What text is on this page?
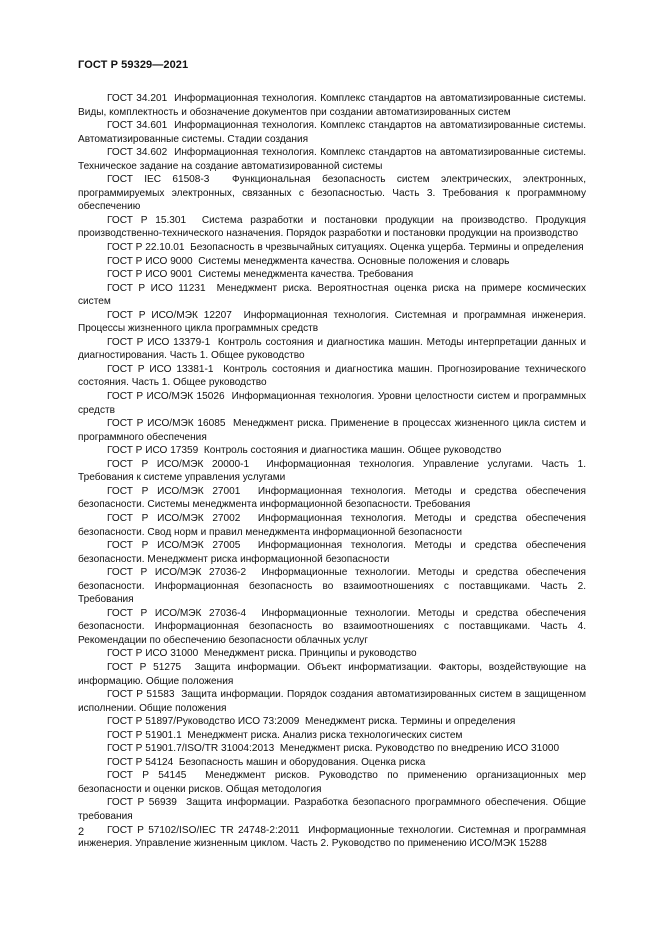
ГОСТ Р 59329—2021

ГОСТ 34.201 Информационная технология. Комплекс стандартов на автоматизированные системы. Виды, комплектность и обозначение документов при создании автоматизированных систем

ГОСТ 34.601 Информационная технология. Комплекс стандартов на автоматизированные системы. Автоматизированные системы. Стадии создания

ГОСТ 34.602 Информационная технология. Комплекс стандартов на автоматизированные системы. Техническое задание на создание автоматизированной системы

ГОСТ IEC 61508-3 Функциональная безопасность систем электрических, электронных, программируемых электронных, связанных с безопасностью. Часть 3. Требования к программному обеспечению

ГОСТ Р 15.301 Система разработки и постановки продукции на производство. Продукция производственно-технического назначения. Порядок разработки и постановки продукции на производство

ГОСТ Р 22.10.01 Безопасность в чрезвычайных ситуациях. Оценка ущерба. Термины и определения

ГОСТ Р ИСО 9000 Системы менеджмента качества. Основные положения и словарь

ГОСТ Р ИСО 9001 Системы менеджмента качества. Требования

ГОСТ Р ИСО 11231 Менеджмент риска. Вероятностная оценка риска на примере космических систем

ГОСТ Р ИСО/МЭК 12207 Информационная технология. Системная и программная инженерия. Процессы жизненного цикла программных средств

ГОСТ Р ИСО 13379-1 Контроль состояния и диагностика машин. Методы интерпретации данных и диагностирования. Часть 1. Общее руководство

ГОСТ Р ИСО 13381-1 Контроль состояния и диагностика машин. Прогнозирование технического состояния. Часть 1. Общее руководство

ГОСТ Р ИСО/МЭК 15026 Информационная технология. Уровни целостности систем и программных средств

ГОСТ Р ИСО/МЭК 16085 Менеджмент риска. Применение в процессах жизненного цикла систем и программного обеспечения

ГОСТ Р ИСО 17359 Контроль состояния и диагностика машин. Общее руководство

ГОСТ Р ИСО/МЭК 20000-1 Информационная технология. Управление услугами. Часть 1. Требования к системе управления услугами

ГОСТ Р ИСО/МЭК 27001 Информационная технология. Методы и средства обеспечения безопасности. Системы менеджмента информационной безопасности. Требования

ГОСТ Р ИСО/МЭК 27002 Информационная технология. Методы и средства обеспечения безопасности. Свод норм и правил менеджмента информационной безопасности

ГОСТ Р ИСО/МЭК 27005 Информационная технология. Методы и средства обеспечения безопасности. Менеджмент риска информационной безопасности

ГОСТ Р ИСО/МЭК 27036-2 Информационные технологии. Методы и средства обеспечения безопасности. Информационная безопасность во взаимоотношениях с поставщиками. Часть 2. Требования

ГОСТ Р ИСО/МЭК 27036-4 Информационные технологии. Методы и средства обеспечения безопасности. Информационная безопасность во взаимоотношениях с поставщиками. Часть 4. Рекомендации по обеспечению безопасности облачных услуг

ГОСТ Р ИСО 31000 Менеджмент риска. Принципы и руководство

ГОСТ Р 51275 Защита информации. Объект информатизации. Факторы, воздействующие на информацию. Общие положения

ГОСТ Р 51583 Защита информации. Порядок создания автоматизированных систем в защищенном исполнении. Общие положения

ГОСТ Р 51897/Руководство ИСО 73:2009 Менеджмент риска. Термины и определения

ГОСТ Р 51901.1 Менеджмент риска. Анализ риска технологических систем

ГОСТ Р 51901.7/ISO/TR 31004:2013 Менеджмент риска. Руководство по внедрению ИСО 31000

ГОСТ Р 54124 Безопасность машин и оборудования. Оценка риска

ГОСТ Р 54145 Менеджмент рисков. Руководство по применению организационных мер безопасности и оценки рисков. Общая методология

ГОСТ Р 56939 Защита информации. Разработка безопасного программного обеспечения. Общие требования

ГОСТ Р 57102/ISO/IEC TR 24748-2:2011 Информационные технологии. Системная и программная инженерия. Управление жизненным циклом. Часть 2. Руководство по применению ИСО/МЭК 15288

2
